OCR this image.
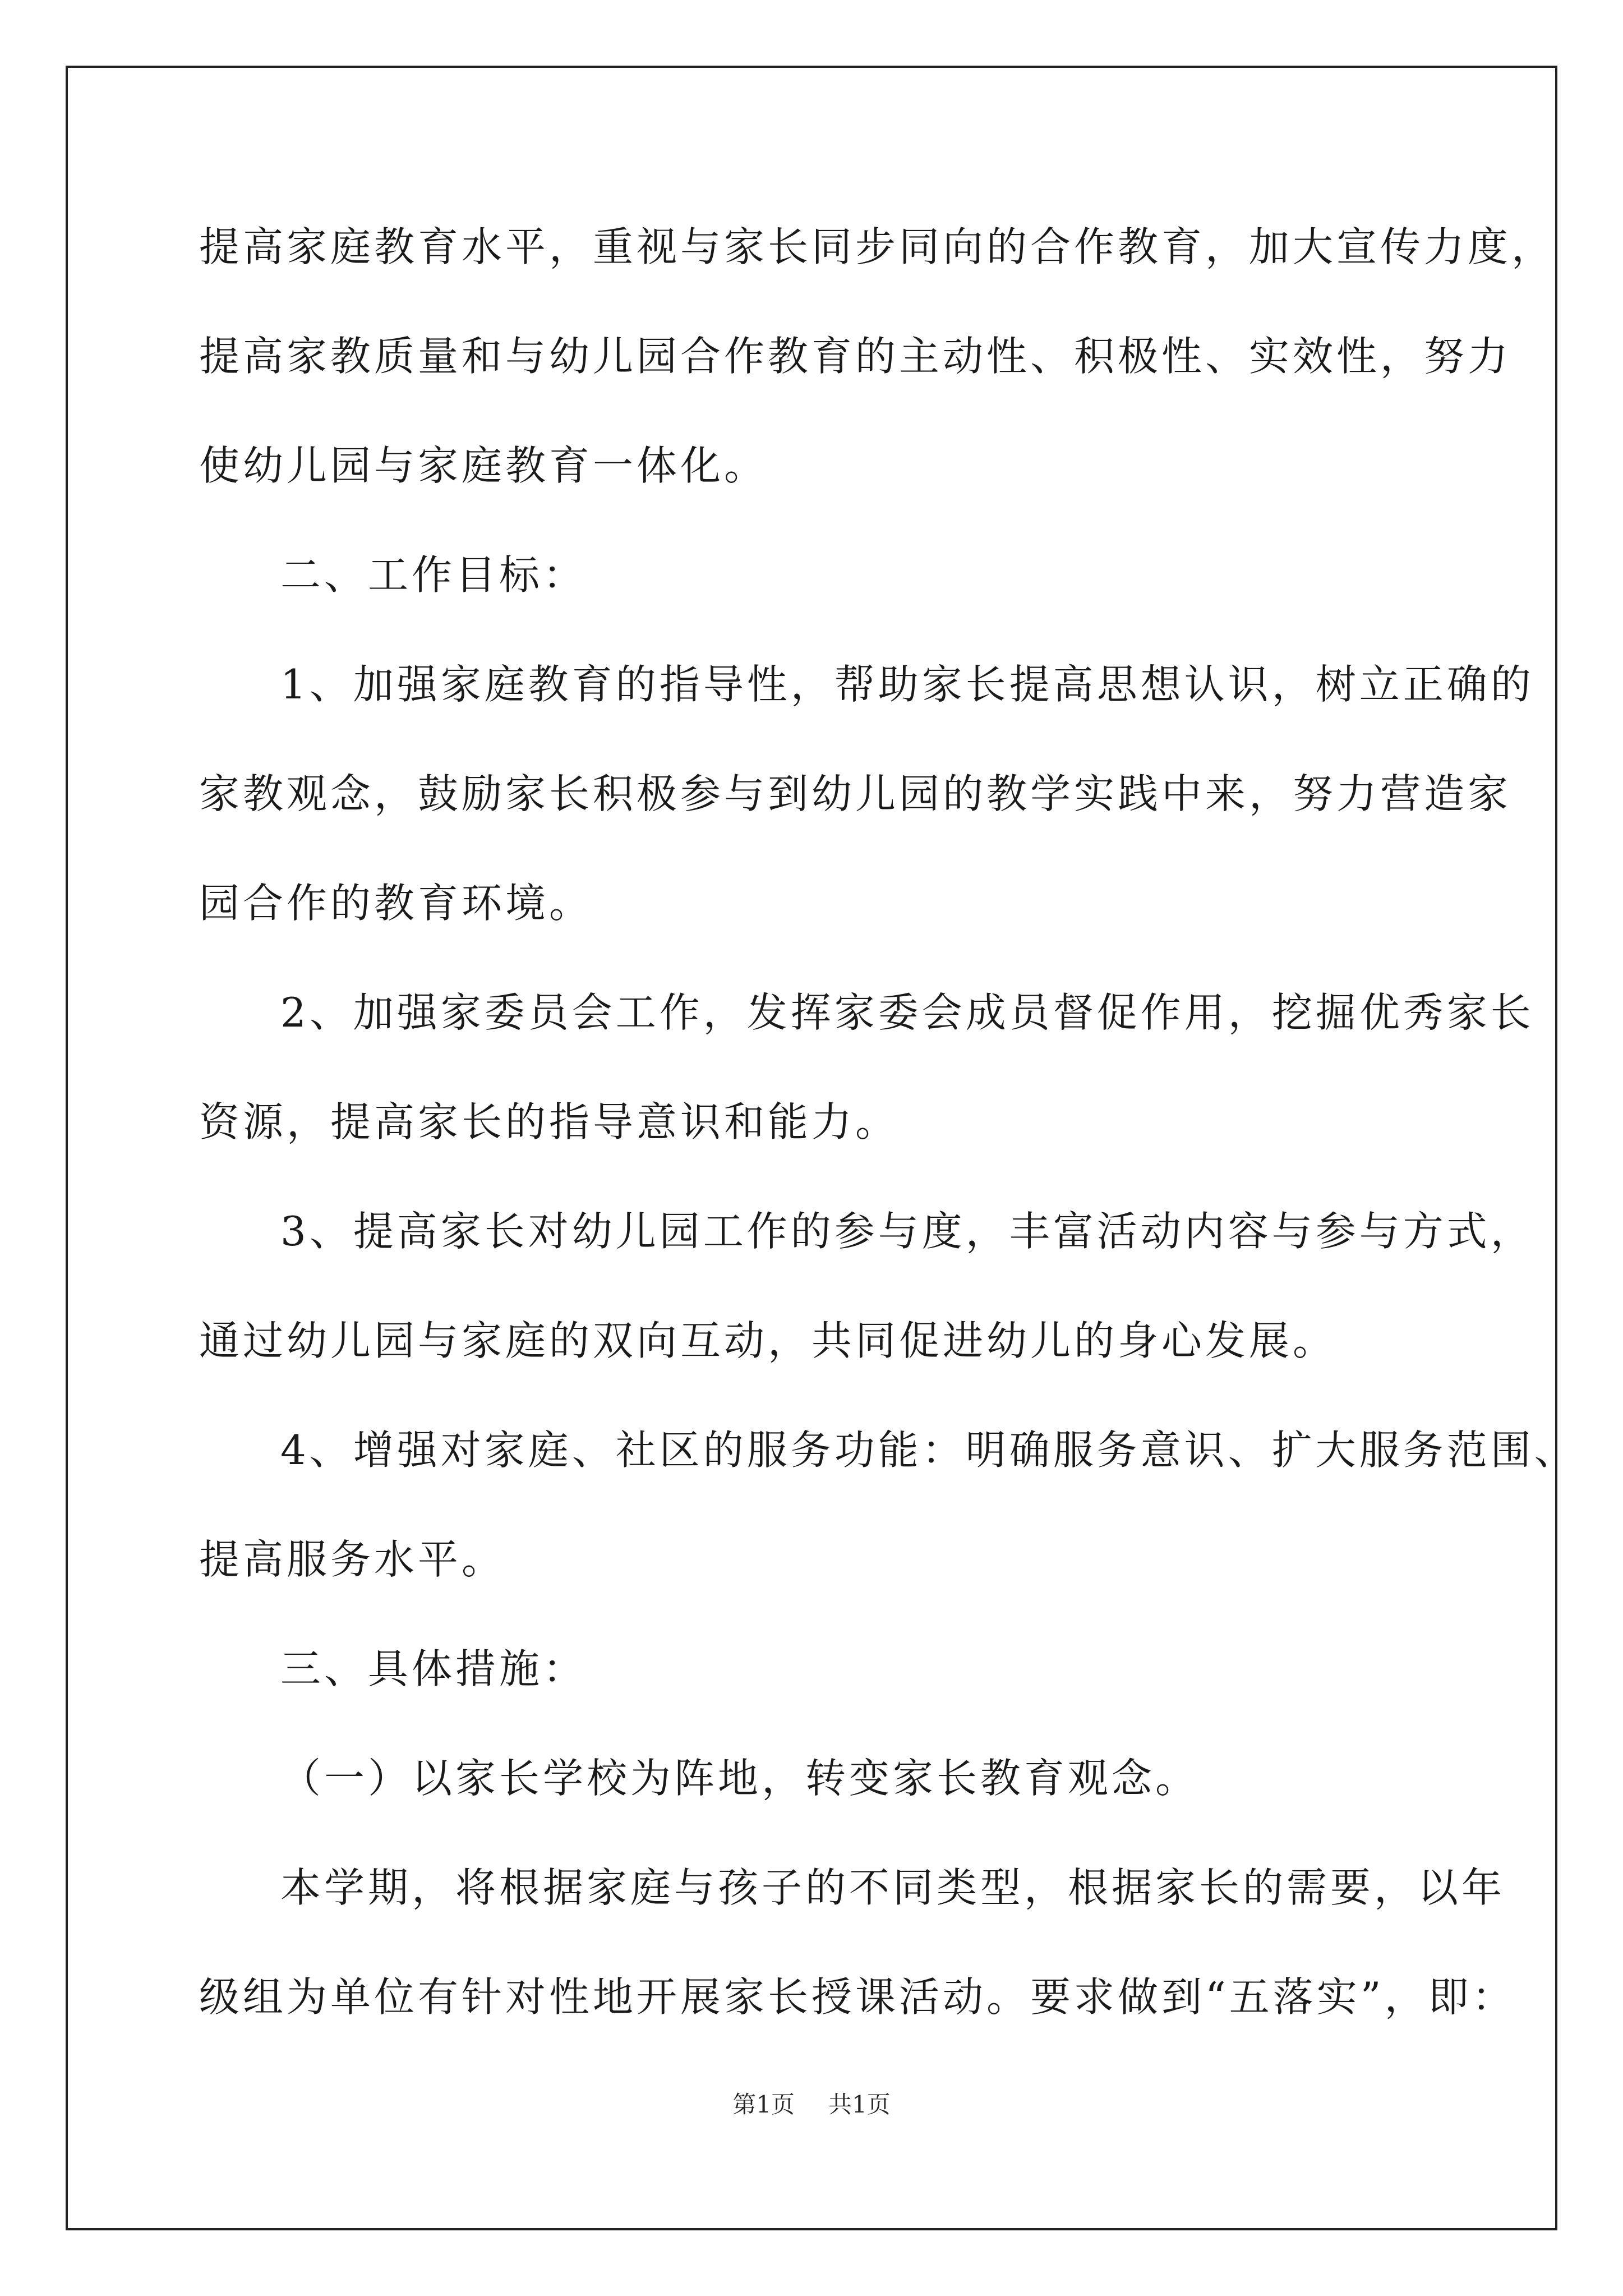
提高家庭教育水平，重视与家长同步同向的合作教育，加大宣传力度，
提高家教质量和与幼儿园合作教育的主动性、积极性、实效性，努力
使幼儿园与家庭教育一体化。
二、工作目标：
1、加强家庭教育的指导性，帮助家长提高思想认识，树立正确的
家教观念，鼓励家长积极参与到幼儿园的教学实践中来，努力营造家
园合作的教育环境。
2、加强家委员会工作，发挥家委会成员督促作用，挖掘优秀家长
资源，提高家长的指导意识和能力。
3、提高家长对幼儿园工作的参与度，丰富活动内容与参与方式，
通过幼儿园与家庭的双向互动，共同促进幼儿的身心发展。
4、增强对家庭、社区的服务功能：明确服务意识、扩大服务范围、
提高服务水平。
三、具体措施：
（一）以家长学校为阵地，转变家长教育观念。
本学期，将根据家庭与孩子的不同类型，根据家长的需要，以年
级组为单位有针对性地开展家长授课活动。要求做到“五落实”，即：
第1页 共1页
